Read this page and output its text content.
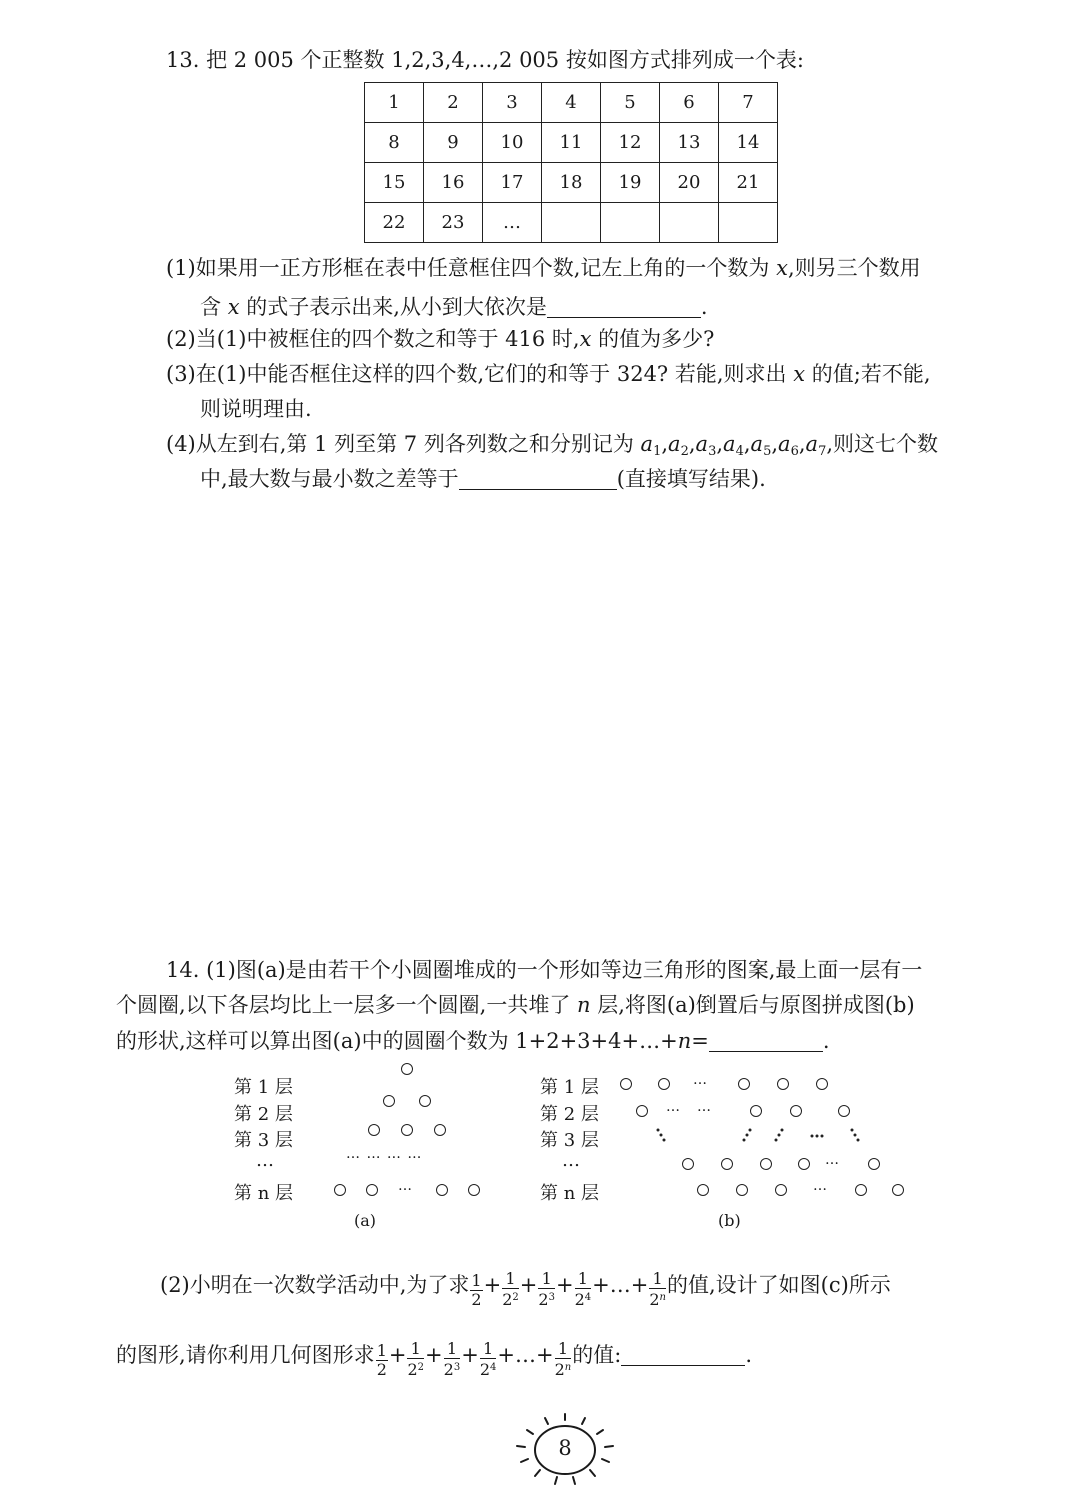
13. 把 2 005 个正整数 1,2,3,4,…,2 005 按如图方式排列成一个表:
1	2	3	4	5	6	7
8	9	10	11	12	13	14
15	16	17	18	19	20	21
22	23	…				
(1)如果用一正方形框在表中任意框住四个数,记左上角的一个数为 x,则另三个数用
含 x 的式子表示出来,从小到大依次是	.
(2)当(1)中被框住的四个数之和等于 416 时,x 的值为多少?
(3)在(1)中能否框住这样的四个数,它们的和等于 324? 若能,则求出 x 的值;若不能,
则说明理由.
(4)从左到右,第 1 列至第 7 列各列数之和分别记为 $a_1,a_2,a_3,a_4,a_5,a_6,a_7$,则这七个数
中,最大数与最小数之差等于	(直接填写结果).
14. (1)图(a)是由若干个小圆圈堆成的一个形如等边三角形的图案,最上面一层有一
个圆圈,以下各层均比上一层多一个圆圈,一共堆了 n 层,将图(a)倒置后与原图拼成图(b)
的形状,这样可以算出图(a)中的圆圈个数为 1+2+3+4+…+n=	.
第 1 层
第 2 层
第 3 层
…
第 n 层
… … … …
…
(a)
第 1 层
第 2 层
第 3 层
…
第 n 层
…
… …
…
…
(b)
(2)小明在一次数学活动中,为了求 $\frac{1}{2} + \frac{1}{2^2} + \frac{1}{2^3} + \frac{1}{2^4}$ +…+ $\frac{1}{2^n}$ 的值,设计了如图(c)所示
的图形,请你利用几何图形求 $\frac{1}{2} + \frac{1}{2^2} + \frac{1}{2^3} + \frac{1}{2^4}$ +…+ $\frac{1}{2^n}$ 的值:	.
8
